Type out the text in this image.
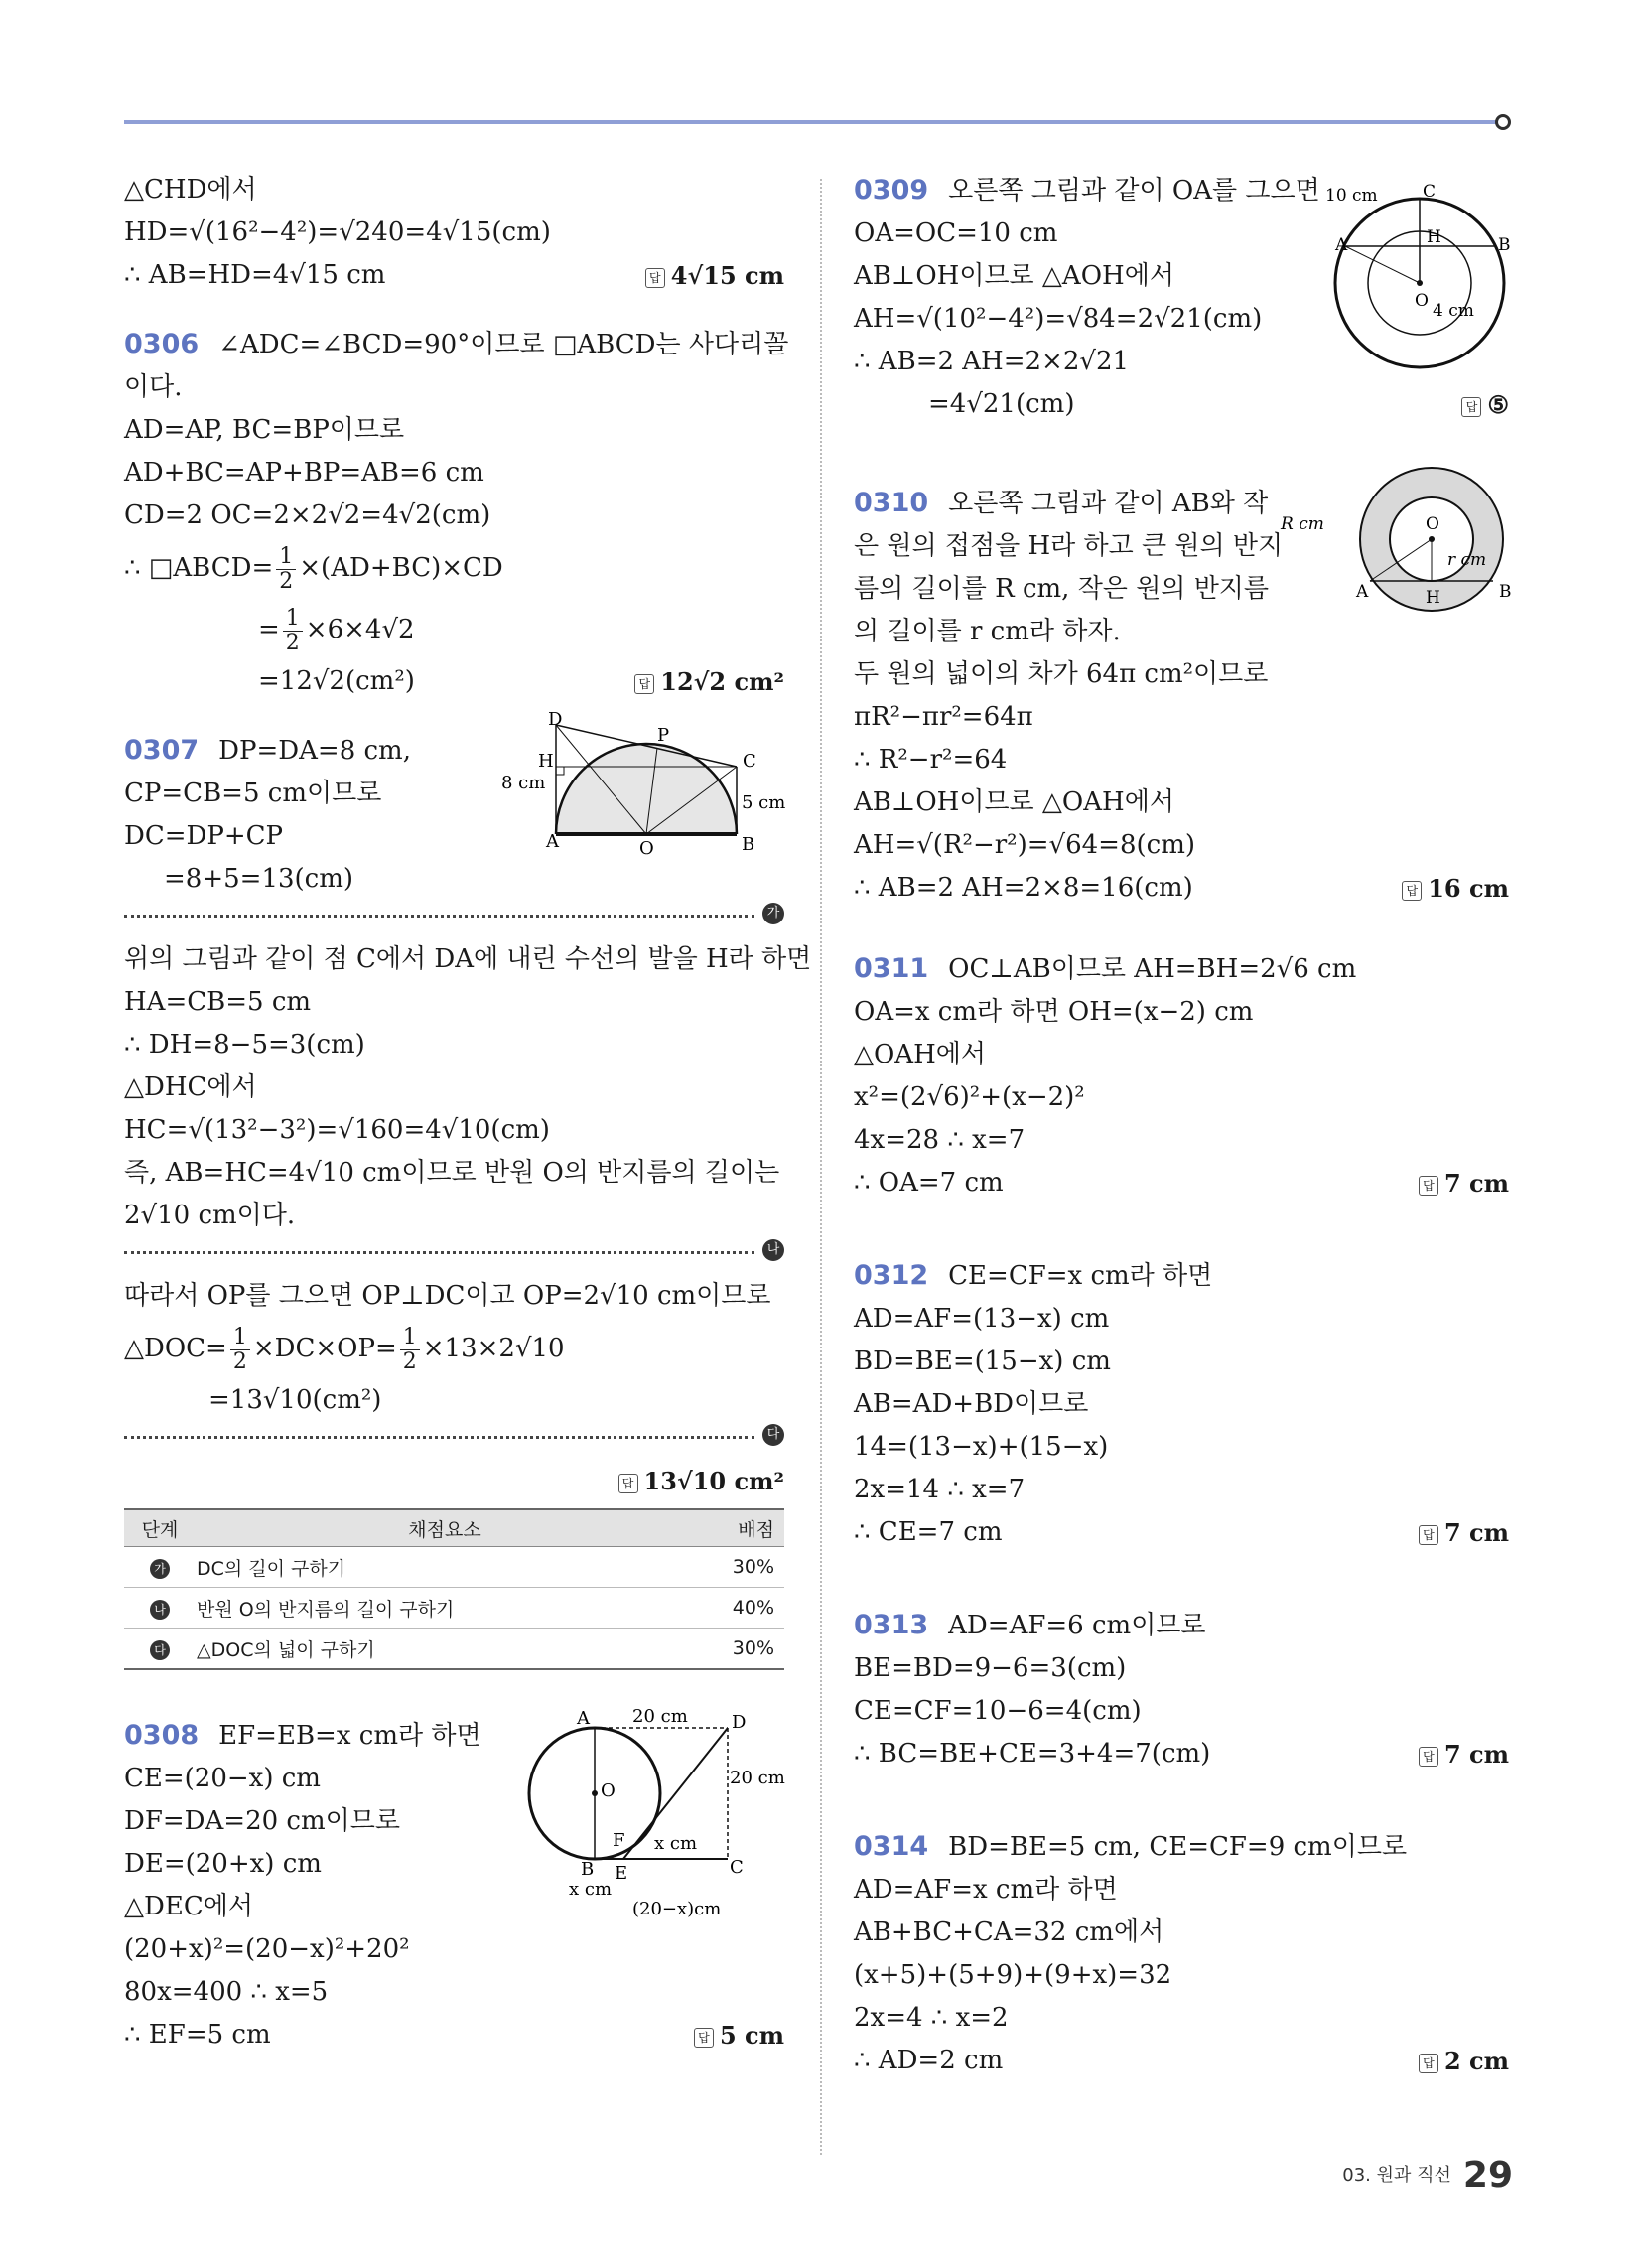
△CHD에서
HD=√(16²−4²)=√240=4√15(cm)
∴ AB=HD=4√15 cm	답 4√15 cm
0306 ∠ADC=∠BCD=90°이므로 □ABCD는 사다리꼴
이다.
AD=AP, BC=BP이므로
AD+BC=AP+BP=AB=6 cm
CD=2 OC=2×2√2=4√2(cm)
∴ □ABCD= $\frac{1}{2} \times(AD+BC)\times CD$
= $\frac{1}{2} \times 6\times 4√2$
=12√2(cm²)	답 12√2 cm²
0307 DP=DA=8 cm,
CP=CB=5 cm이므로
DC=DP+CP
=8+5=13(cm)
D
P
C
H
A	O	B
8 cm
5 cm
가
위의 그림과 같이 점 C에서 DA에 내린 수선의 발을 H라 하면
HA=CB=5 cm
∴ DH=8−5=3(cm)
△DHC에서
HC=√(13²−3²)=√160=4√10(cm)
즉, AB=HC=4√10 cm이므로 반원 O의 반지름의 길이는
2√10 cm이다.
나
따라서 OP를 그으면 OP⊥DC이고 OP=2√10 cm이므로
△DOC= $\frac{1}{2} \times DC\times OP= \frac{1}{2} \times 13\times 2√10$
=13√10(cm²)
다

답 13√10 cm²
단계	채점요소	배점
가	DC의 길이 구하기	30%
나	반원 O의 반지름의 길이 구하기	40%
다	△DOC의 넓이 구하기	30%
0308 EF=EB=x cm라 하면
CE=(20−x) cm
DF=DA=20 cm이므로
DE=(20+x) cm
△DEC에서
(20+x)²=(20−x)²+20²
80x=400 ∴ x=5
∴ EF=5 cm	답 5 cm
A	D
O
F
B E	C
20 cm
20 cm
x cm
x cm
(20−x)cm
0309 오른쪽 그림과 같이 OA를 그으면
OA=OC=10 cm
AB⊥OH이므로 △AOH에서
AH=√(10²−4²)=√84=2√21(cm)
∴ AB=2 AH=2×2√21
=4√21(cm)	답 ⑤
A	B
C
H
O
10 cm
4 cm
0310 오른쪽 그림과 같이 AB와 작
은 원의 접점을 H라 하고 큰 원의 반지
름의 길이를 R cm, 작은 원의 반지름
의 길이를 r cm라 하자.
두 원의 넓이의 차가 64π cm²이므로
πR²−πr²=64π
∴ R²−r²=64
AB⊥OH이므로 △OAH에서
AH=√(R²−r²)=√64=8(cm)
∴ AB=2 AH=2×8=16(cm)	답 16 cm
R cm
r cm
O
A	H	B
0311 OC⊥AB이므로 AH=BH=2√6 cm
OA=x cm라 하면 OH=(x−2) cm
△OAH에서
x²=(2√6)²+(x−2)²
4x=28 ∴ x=7
∴ OA=7 cm	답 7 cm
0312 CE=CF=x cm라 하면
AD=AF=(13−x) cm
BD=BE=(15−x) cm
AB=AD+BD이므로
14=(13−x)+(15−x)
2x=14 ∴ x=7
∴ CE=7 cm	답 7 cm
0313 AD=AF=6 cm이므로
BE=BD=9−6=3(cm)
CE=CF=10−6=4(cm)
∴ BC=BE+CE=3+4=7(cm)	답 7 cm
0314 BD=BE=5 cm, CE=CF=9 cm이므로
AD=AF=x cm라 하면
AB+BC+CA=32 cm에서
(x+5)+(5+9)+(9+x)=32
2x=4 ∴ x=2
∴ AD=2 cm	답 2 cm
03. 원과 직선 29
